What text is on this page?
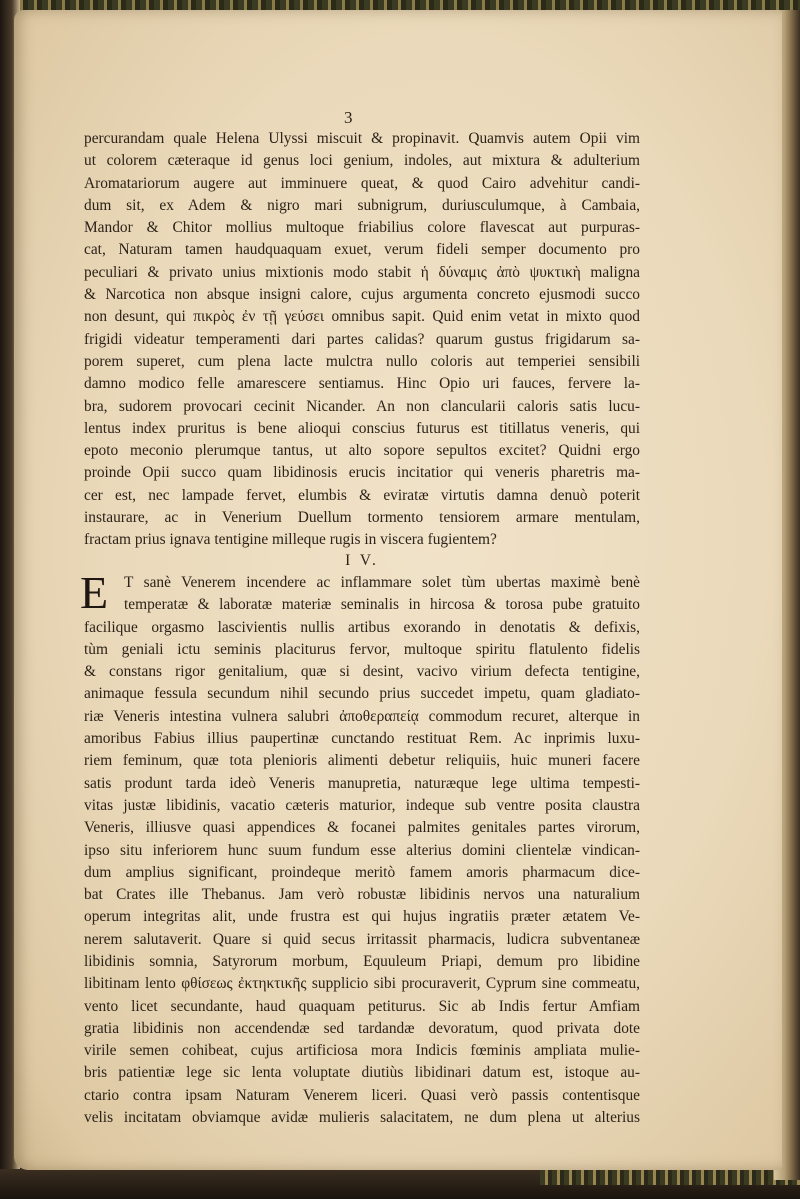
3
percurandam quale Helena Ulyssi miscuit & propinavit. Quamvis autem Opii vim
ut colorem cæteraque id genus loci genium, indoles, aut mixtura & adulterium
Aromatariorum augere aut imminuere queat, & quod Cairo advehitur candi-
dum sit, ex Adem & nigro mari subnigrum, duriusculumque, à Cambaia,
Mandor & Chitor mollius multoque friabilius colore flavescat aut purpuras-
cat, Naturam tamen haudquaquam exuet, verum fideli semper documento pro
peculiari & privato unius mixtionis modo stabit ἡ δύναμις ἀπὸ ψυκτικὴ maligna
& Narcotica non absque insigni calore, cujus argumenta concreto ejusmodi succo
non desunt, qui πικρὸς ἐν τῇ γεύσει omnibus sapit. Quid enim vetat in mixto quod
frigidi videatur temperamenti dari partes calidas? quarum gustus frigidarum sa-
porem superet, cum plena lacte mulctra nullo coloris aut temperiei sensibili
damno modico felle amarescere sentiamus. Hinc Opio uri fauces, fervere la-
bra, sudorem provocari cecinit Nicander. An non clancularii caloris satis lucu-
lentus index pruritus is bene alioqui conscius futurus est titillatus veneris, qui
epoto meconio plerumque tantus, ut alto sopore sepultos excitet? Quidni ergo
proinde Opii succo quam libidinosis erucis incitatior qui veneris pharetris ma-
cer est, nec lampade fervet, elumbis & eviratæ virtutis damna denuò poterit
instaurare, ac in Venerium Duellum tormento tensiorem armare mentulam,
fractam prius ignava tentigine milleque rugis in viscera fugientem?
I V.
E T sanè Venerem incendere ac inflammare solet tùm ubertas maximè benè
temperatæ & laboratæ materiæ seminalis in hircosa & torosa pube gratuito
facilique orgasmo lascivientis nullis artibus exorando in denotatis & defixis,
tùm geniali ictu seminis placiturus fervor, multoque spiritu flatulento fidelis
& constans rigor genitalium, quæ si desint, vacivo virium defecta tentigine,
animaque fessula secundum nihil secundo prius succedet impetu, quam gladiato-
riæ Veneris intestina vulnera salubri ἀποθεραπείᾳ commodum recuret, alterque in
amoribus Fabius illius paupertinæ cunctando restituat Rem. Ac inprimis luxu-
riem feminum, quæ tota plenioris alimenti debetur reliquiis, huic muneri facere
satis produnt tarda ideò Veneris manupretia, naturæque lege ultima tempesti-
vitas justæ libidinis, vacatio cæteris maturior, indeque sub ventre posita claustra
Veneris, illiusve quasi appendices & focanei palmites genitales partes virorum,
ipso situ inferiorem hunc suum fundum esse alterius domini clientelæ vindican-
dum amplius significant, proindeque meritò famem amoris pharmacum dice-
bat Crates ille Thebanus. Jam verò robustæ libidinis nervos una naturalium
operum integritas alit, unde frustra est qui hujus ingratiis præter ætatem Ve-
nerem salutaverit. Quare si quid secus irritassit pharmacis, ludicra subventaneæ
libidinis somnia, Satyrorum morbum, Equuleum Priapi, demum pro libidine
libitinam lento φθίσεως ἐκτηκτικῆς supplicio sibi procuraverit, Cyprum sine commeatu,
vento licet secundante, haud quaquam petiturus. Sic ab Indis fertur Amfiam
gratia libidinis non accendendæ sed tardandæ devoratum, quod privata dote
virile semen cohibeat, cujus artificiosa mora Indicis fœminis ampliata mulie-
bris patientiæ lege sic lenta voluptate diutiùs libidinari datum est, istoque au-
ctario contra ipsam Naturam Venerem liceri. Quasi verò passis contentisque
velis incitatam obviamque avidæ mulieris salacitatem, ne dum plena ut alterius
